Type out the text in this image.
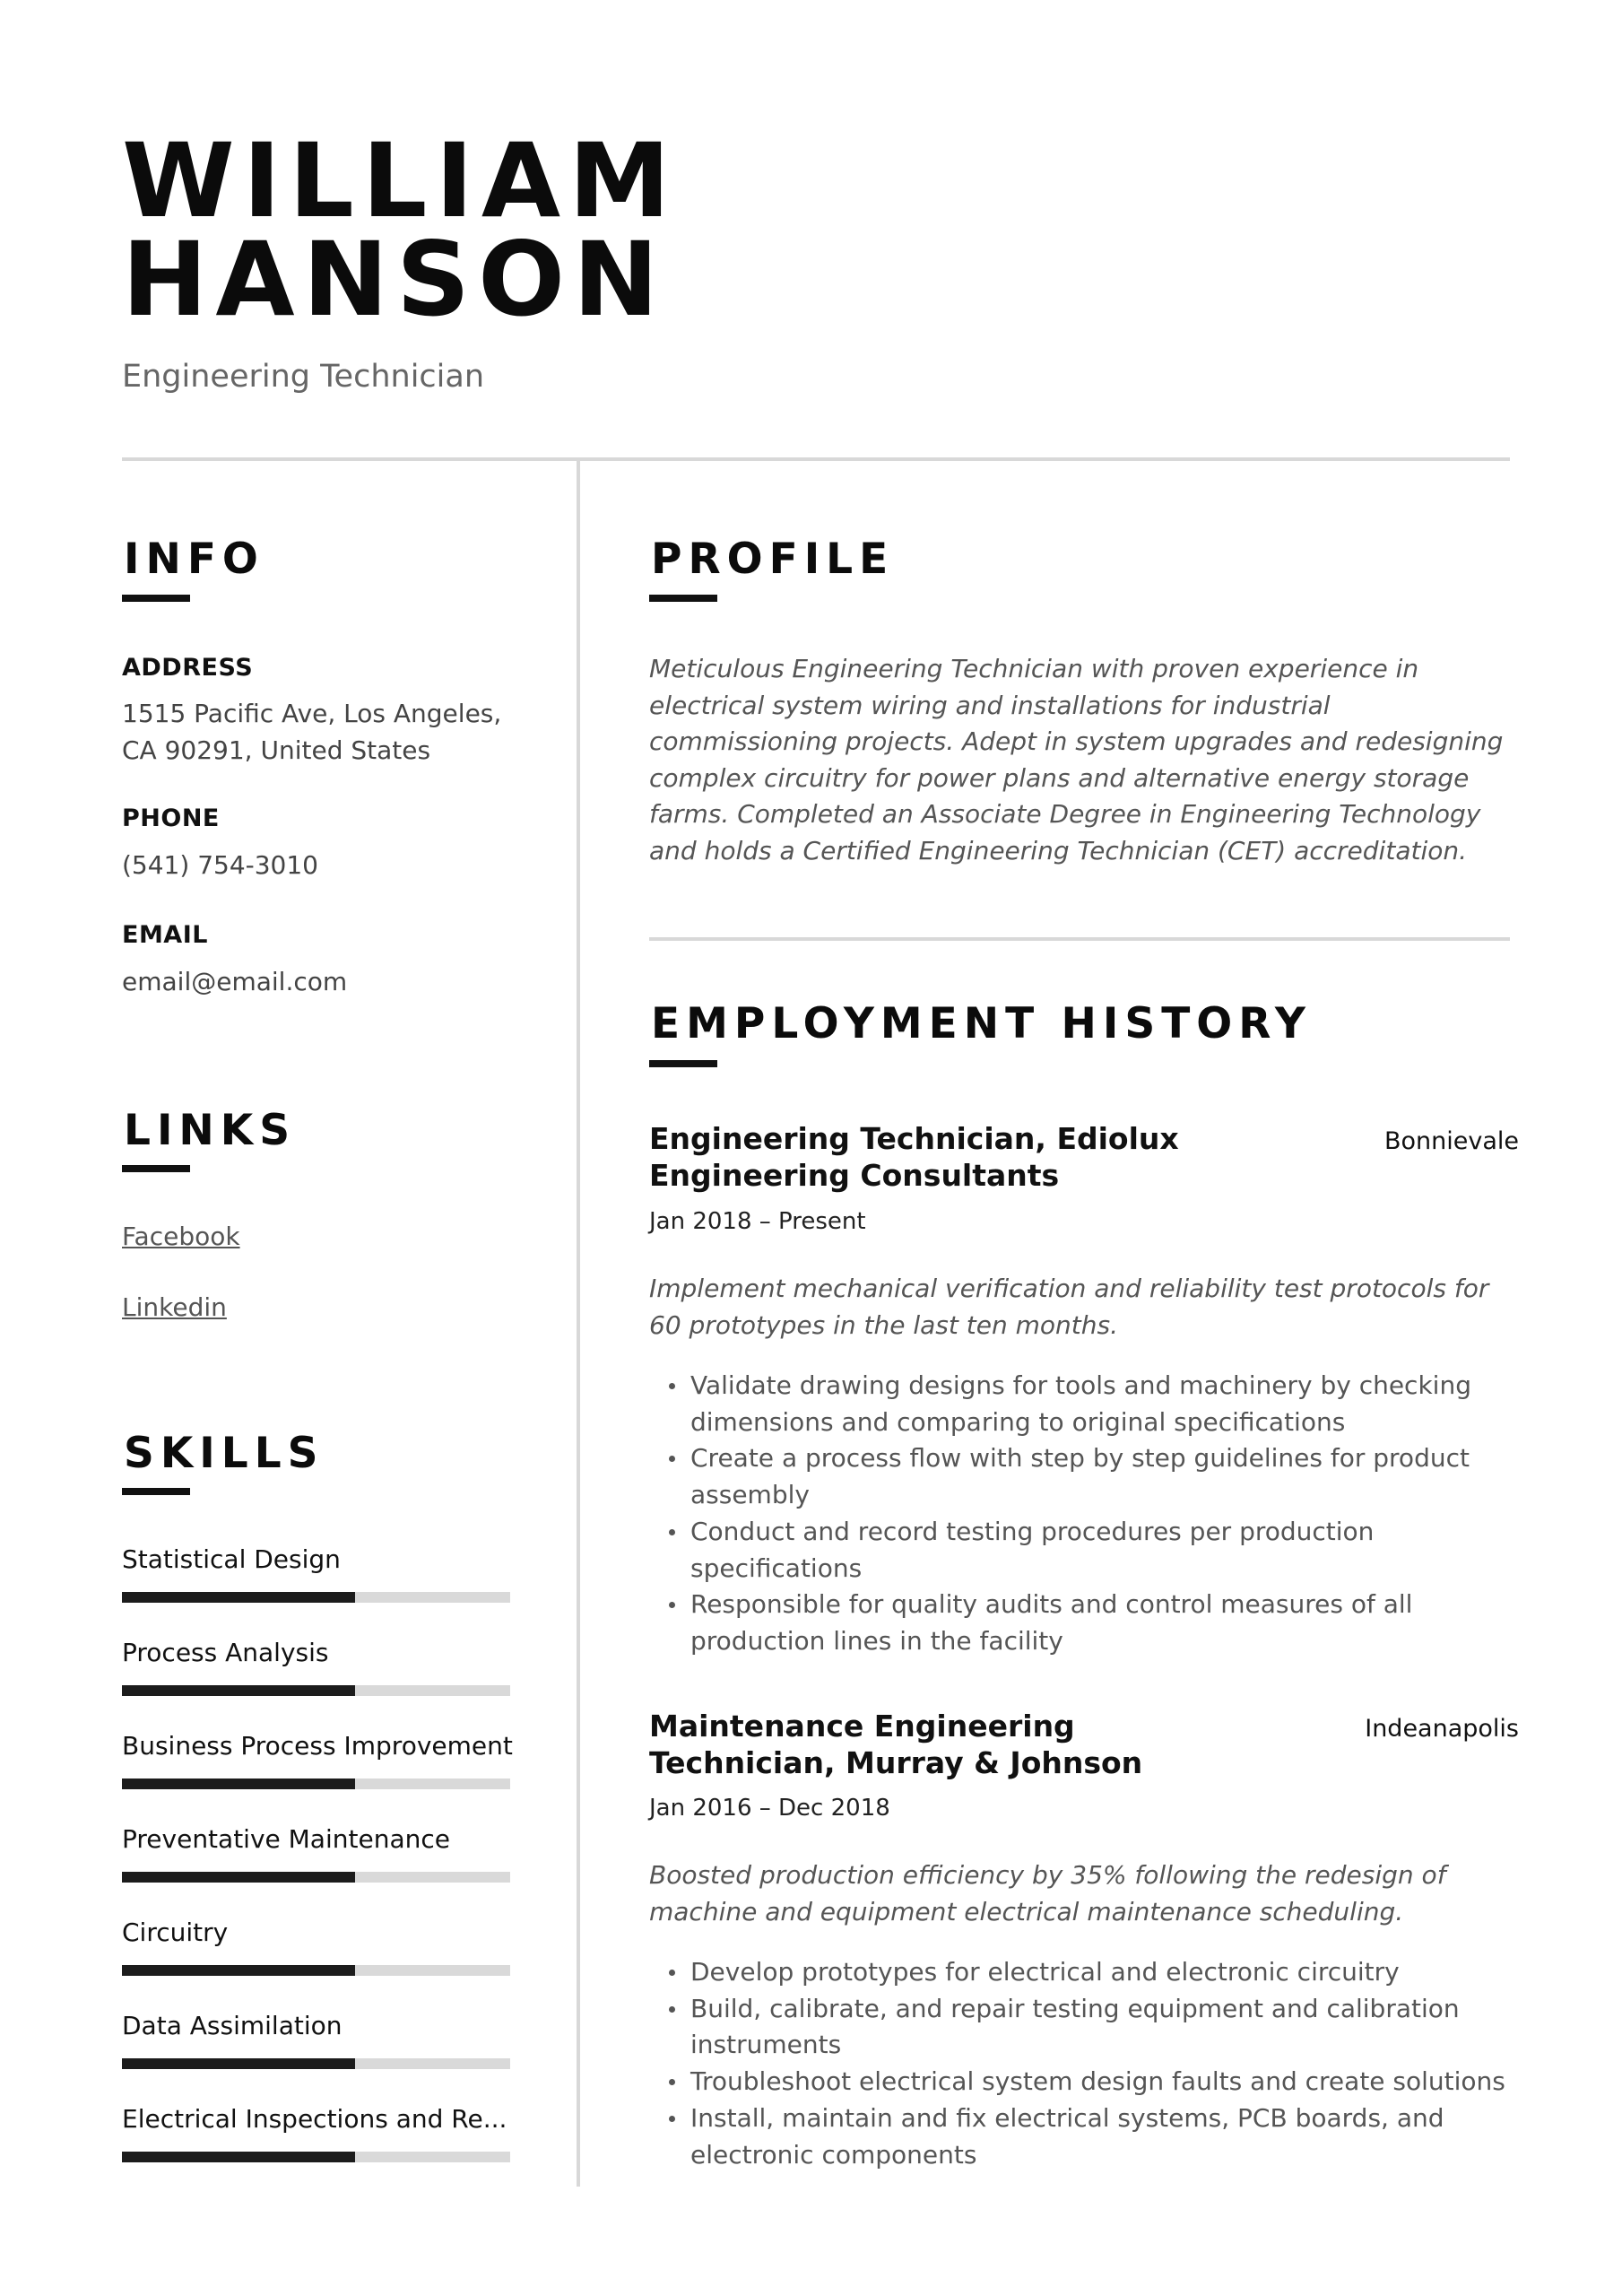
WILLIAM
HANSON
Engineering Technician
INFO
ADDRESS
1515 Pacific Ave, Los Angeles,
CA 90291, United States
PHONE
(541) 754-3010
EMAIL
email@email.com
LINKS
Facebook
Linkedin
SKILLS
Statistical Design
Process Analysis
Business Process Improvement
Preventative Maintenance
Circuitry
Data Assimilation
Electrical Inspections and Re...
PROFILE
Meticulous Engineering Technician with proven experience in electrical system wiring and installations for industrial commissioning projects. Adept in system upgrades and redesigning complex circuitry for power plans and alternative energy storage farms. Completed an Associate Degree in Engineering Technology and holds a Certified Engineering Technician (CET) accreditation.
EMPLOYMENT HISTORY
Engineering Technician, Ediolux Engineering Consultants
Bonnievale
Jan 2018 – Present
Implement mechanical verification and reliability test protocols for 60 prototypes in the last ten months.
Validate drawing designs for tools and machinery by checking dimensions and comparing to original specifications
Create a process flow with step by step guidelines for product assembly
Conduct and record testing procedures per production specifications
Responsible for quality audits and control measures of all production lines in the facility
Maintenance Engineering Technician, Murray & Johnson
Indeanapolis
Jan 2016 – Dec 2018
Boosted production efficiency by 35% following the redesign of machine and equipment electrical maintenance scheduling.
Develop prototypes for electrical and electronic circuitry
Build, calibrate, and repair testing equipment and calibration instruments
Troubleshoot electrical system design faults and create solutions
Install, maintain and fix electrical systems, PCB boards, and electronic components
